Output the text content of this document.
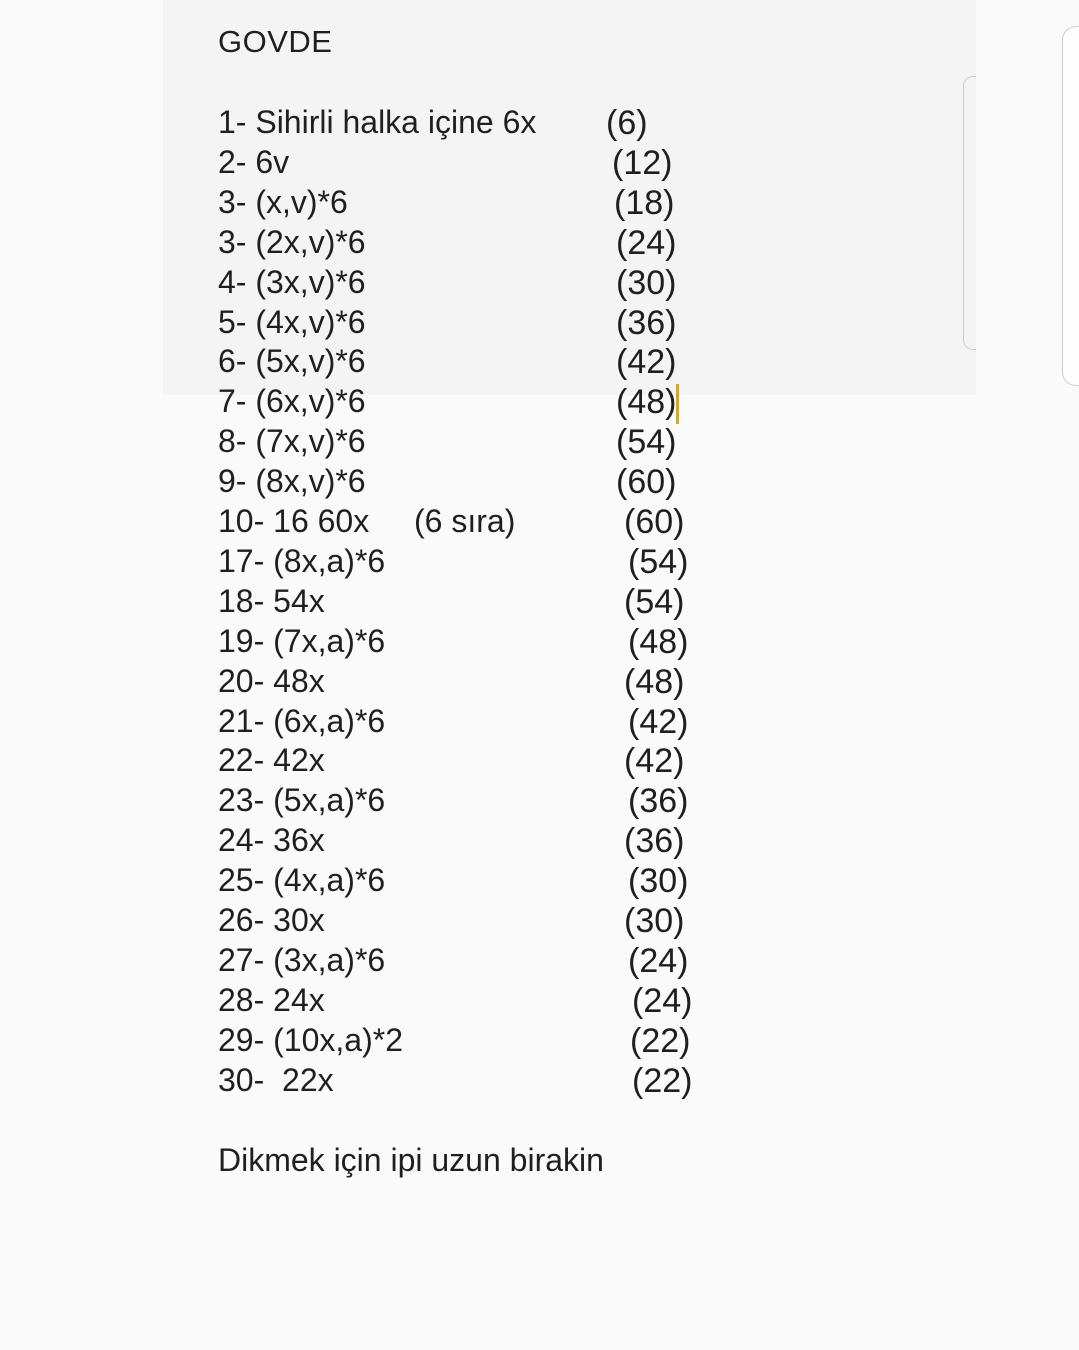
GOVDE
1- Sihirli halka içine 6x (6)
2- 6v	(12)
3- (x,v)*6	(18)
3- (2x,v)*6	(24)
4- (3x,v)*6	(30)
5- (4x,v)*6	(36)
6- (5x,v)*6	(42)
7- (6x,v)*6	(48)
8- (7x,v)*6	(54)
9- (8x,v)*6	(60)
10- 16 60x (6 sıra)	(60)
17- (8x,a)*6	(54)
18- 54x	(54)
19- (7x,a)*6	(48)
20- 48x	(48)
21- (6x,a)*6	(42)
22- 42x	(42)
23- (5x,a)*6	(36)
24- 36x	(36)
25- (4x,a)*6	(30)
26- 30x	(30)
27- (3x,a)*6	(24)
28- 24x	(24)
29- (10x,a)*2	(22)
30-  22x	(22)
Dikmek için ipi uzun birakin
